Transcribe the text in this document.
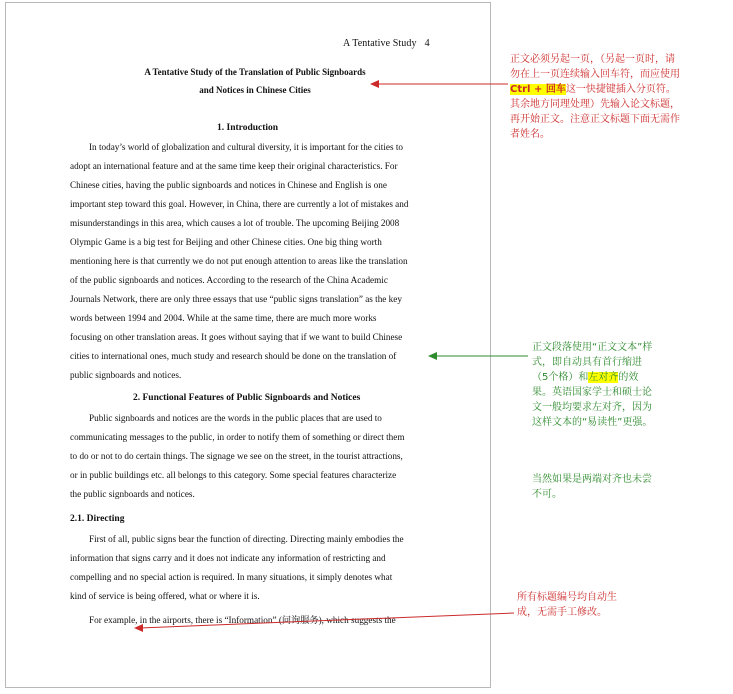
A Tentative Study 4
A Tentative Study of the Translation of Public Signboards
and Notices in Chinese Cities
1. Introduction
In today’s world of globalization and cultural diversity, it is important for the cities to
adopt an international feature and at the same time keep their original characteristics. For
Chinese cities, having the public signboards and notices in Chinese and English is one
important step toward this goal. However, in China, there are currently a lot of mistakes and
misunderstandings in this area, which causes a lot of trouble. The upcoming Beijing 2008
Olympic Game is a big test for Beijing and other Chinese cities. One big thing worth
mentioning here is that currently we do not put enough attention to areas like the translation
of the public signboards and notices. According to the research of the China Academic
Journals Network, there are only three essays that use “public signs translation” as the key
words between 1994 and 2004. While at the same time, there are much more works
focusing on other translation areas. It goes without saying that if we want to build Chinese
cities to international ones, much study and research should be done on the translation of
public signboards and notices.
2. Functional Features of Public Signboards and Notices
Public signboards and notices are the words in the public places that are used to
communicating messages to the public, in order to notify them of something or direct them
to do or not to do certain things. The signage we see on the street, in the tourist attractions,
or in public buildings etc. all belongs to this category. Some special features characterize
the public signboards and notices.
2.1. Directing
First of all, public signs bear the function of directing. Directing mainly embodies the
information that signs carry and it does not indicate any information of restricting and
compelling and no special action is required. In many situations, it simply denotes what
kind of service is being offered, what or where it is.
For example, in the airports, there is “Information” (问询服务), which suggests the
正文必须另起一页，（另起一页时，请勿在上一页连续输入回车符，而应使用Ctrl + 回车这一快捷键插入分页符。其余地方同理处理）先输入论文标题，再开始正文。注意正文标题下面无需作者姓名。
正文段落使用“正文文本”样式，即自动具有首行缩进（5个格）和左对齐的效果。英语国家学士和硕士论文一般均要求左对齐，因为这样文本的“易读性”更强。
当然如果是两端对齐也未尝不可。
所有标题编号均自动生成，无需手工修改。
